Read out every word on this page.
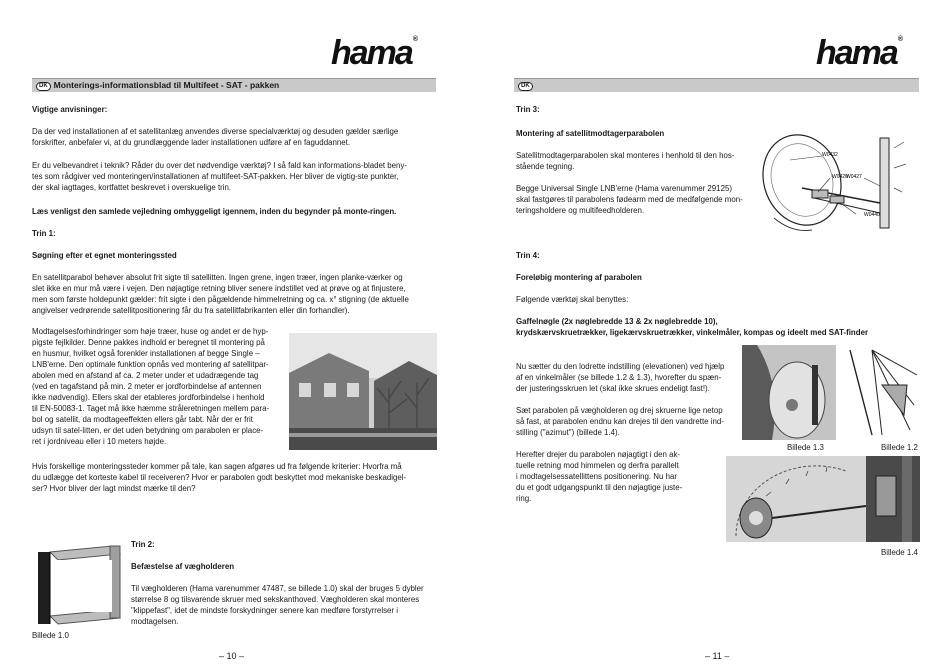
hama®
DK Monterings-informationsblad til Multifeet - SAT - pakken

Vigtige anvisninger:

Da der ved installationen af et satellitanlæg anvendes diverse specialværktøj og desuden gælder særlige

forskrifter, anbefaler vi, at du grundlæggende lader installationen udføre af en faguddannet.

Er du velbevandret i teknik? Råder du over det nødvendige værktøj? I så fald kan informations-bladet beny-

tes som rådgiver ved monteringen/installationen af multifeet-SAT-pakken. Her bliver de vigtig-ste punkter,

der skal iagttages, kortfattet beskrevet i overskuelige trin.

Læs venligst den samlede vejledning omhyggeligt igennem, inden du begynder på monte-ringen.

Trin 1:

Søgning efter et egnet monteringssted

En satellitparabol behøver absolut frit sigte til satellitten. Ingen grene, ingen træer, ingen planke-værker og

slet ikke en mur må være i vejen. Den nøjagtige retning bliver senere indstillet ved at prøve og at finjustere,

men som første holdepunkt gælder: frit sigte i den pågældende himmelretning og ca. x° stigning (de aktuelle

angivelser vedrørende satellitpositionering får du fra satellitfabrikanten eller din forhandler).

Modtagelsesforhindringer som høje træer, huse og andet er de hyp-

pigste fejlkilder. Denne pakkes indhold er beregnet til montering på

en husmur, hvilket også forenkler installationen af begge Single –

LNB'erne. Den optimale funktion opnås ved montering af satellitpar-

abolen med en afstand af ca. 2 meter under et udadrægende tag

(ved en tagafstand på min. 2 meter er jordforbindelse af antennen

ikke nødvendig). Ellers skal der etableres jordforbindelse i henhold

til EN-50083-1. Taget må ikke hæmme stråleretningen mellem para-

bol og satellit, da modtageeffekten ellers går tabt. Når der er frit

udsyn til satel-litten, er det uden betydning om parabolen er place-

ret i jordniveau eller i 10 meters højde.

Hvis forskellige monteringssteder kommer på tale, kan sagen afgøres ud fra følgende kriterier: Hvorfra må

du udlægge det korteste kabel til receiveren? Hvor er parabolen godt beskyttet mod mekaniske beskadigel-

ser? Hvor bliver der lagt mindst mærke til den?

Billede 1.0

Trin 2:

Befæstelse af vægholderen

Til vægholderen (Hama varenummer 47487, se billede 1.0) skal der bruges 5 dybler

størrelse 8 og tilsvarende skruer med sekskanthoved. Vægholderen skal monteres

"klippefast", idet de mindste forskydninger senere kan medføre forstyrrelser i

modtagelsen.

– 10 –
hama®
DK

Trin 3:

Montering af satellitmodtagerparabolen

Satellitmodtagerparabolen skal monteres i henhold til den hos-

stående tegning.

Begge Universal Single LNB'erne (Hama varenummer 29125)

skal fastgøres til parabolens fødearm med de medfølgende mon-

teringsholdere og multifeedholderen.

W0432
W0420
W0427
W0440

Trin 4:

Foreløbig montering af parabolen

Følgende værktøj skal benyttes:

Gaffelnøgle (2x nøglebredde 13 & 2x nøglebredde 10),

krydskærvskruetrækker, ligekærvskruetrækker, vinkelmåler, kompas og ideelt med SAT-finder

Nu sætter du den lodrette indstilling (elevationen) ved hjælp

af en vinkelmåler (se billede 1.2 & 1.3), hvorefter du spæn-

der justeringsskruen let (skal ikke skrues endeligt fast!).

Sæt parabolen på vægholderen og drej skruerne lige netop

så fast, at parabolen endnu kan drejes til den vandrette ind-

stilling ("azimut") (billede 1.4).

Herefter drejer du parabolen nøjagtigt i den ak-

tuelle retning mod himmelen og derfra parallelt

i modtagelsessatellittens positionering. Nu har

du et godt udgangspunkt til den nøjagtige juste-

ring.

Billede 1.3	Billede 1.2
Billede 1.4
– 11 –
